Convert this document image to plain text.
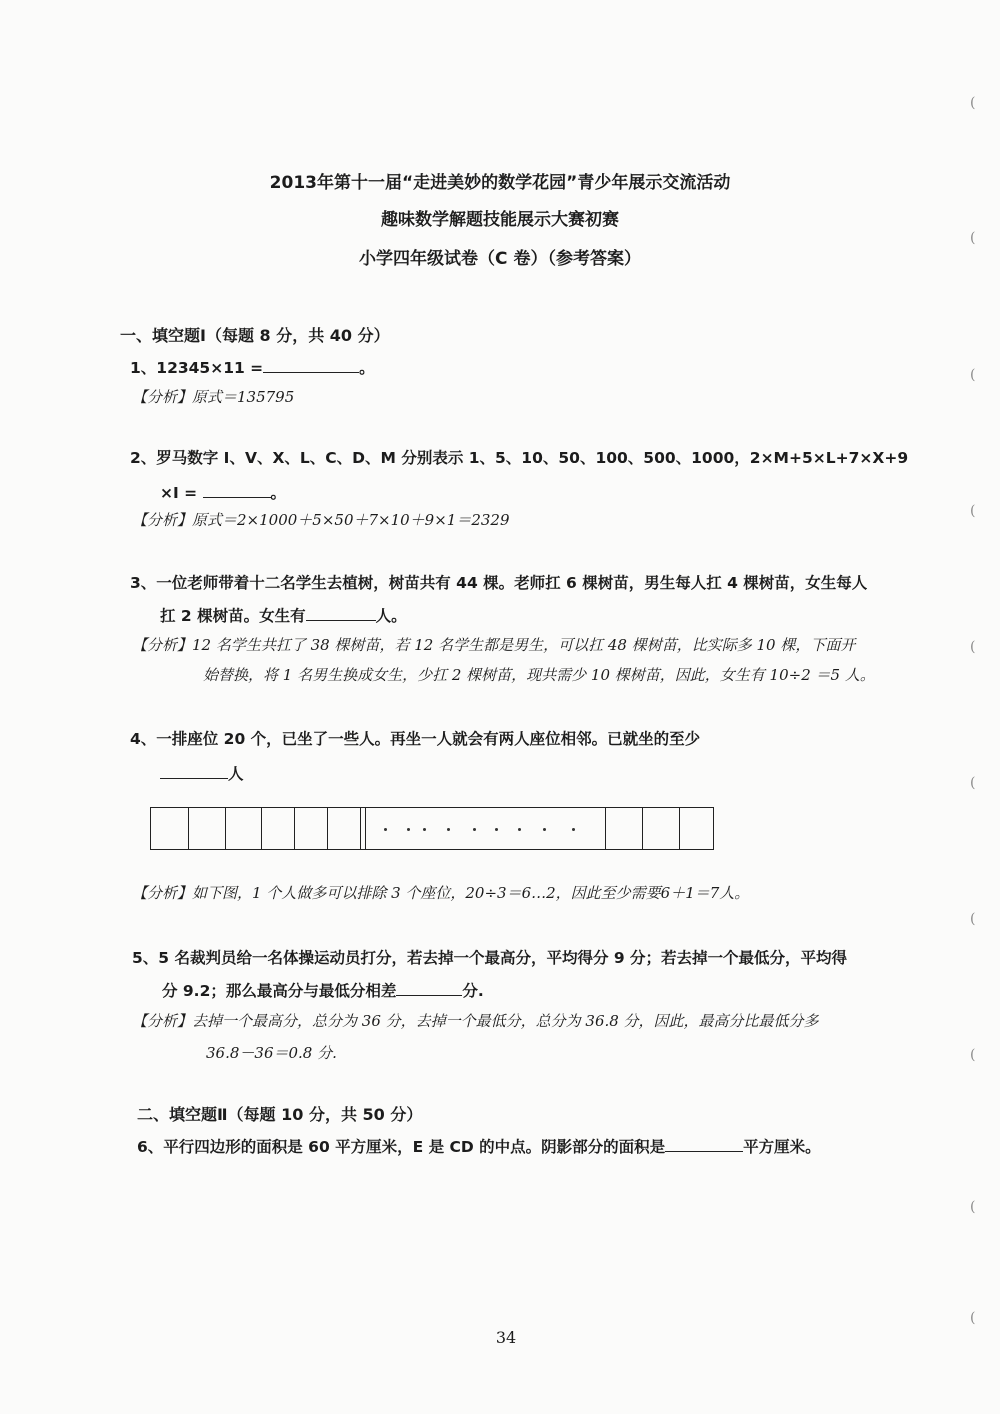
2013年第十一届“走进美妙的数学花园”青少年展示交流活动
趣味数学解题技能展示大赛初赛
小学四年级试卷（C 卷）（参考答案）
一、填空题Ⅰ（每题 8 分，共 40 分）
1、12345×11 =	。
【分析】原式＝135795
2、罗马数字 I、V、X、L、C、D、M 分别表示 1、5、10、50、100、500、1000，2×M+5×L+7×X+9
×I =	。
【分析】原式＝2×1000＋5×50＋7×10＋9×1＝2329
3、一位老师带着十二名学生去植树，树苗共有 44 棵。老师扛 6 棵树苗，男生每人扛 4 棵树苗，女生每人
扛 2 棵树苗。女生有	人。
【分析】12 名学生共扛了 38 棵树苗，若 12 名学生都是男生，可以扛 48 棵树苗，比实际多 10 棵，下面开
始替换，将 1 名男生换成女生，少扛 2 棵树苗，现共需少 10 棵树苗，因此，女生有 10÷2 ＝5 人。
4、一排座位 20 个，已坐了一些人。再坐一人就会有两人座位相邻。已就坐的至少
人
【分析】如下图，1 个人做多可以排除 3 个座位，20÷3＝6…2，因此至少需要6＋1＝7人。
5、5 名裁判员给一名体操运动员打分，若去掉一个最高分，平均得分 9 分；若去掉一个最低分，平均得
分 9.2；那么最高分与最低分相差	分.
【分析】去掉一个最高分，总分为 36 分，去掉一个最低分，总分为 36.8 分，因此，最高分比最低分多
36.8－36＝0.8 分.
二、填空题Ⅱ（每题 10 分，共 50 分）
6、平行四边形的面积是 60 平方厘米，E 是 CD 的中点。阴影部分的面积是	平方厘米。
(
(
(
(
(
(
(
(
(
(
34
